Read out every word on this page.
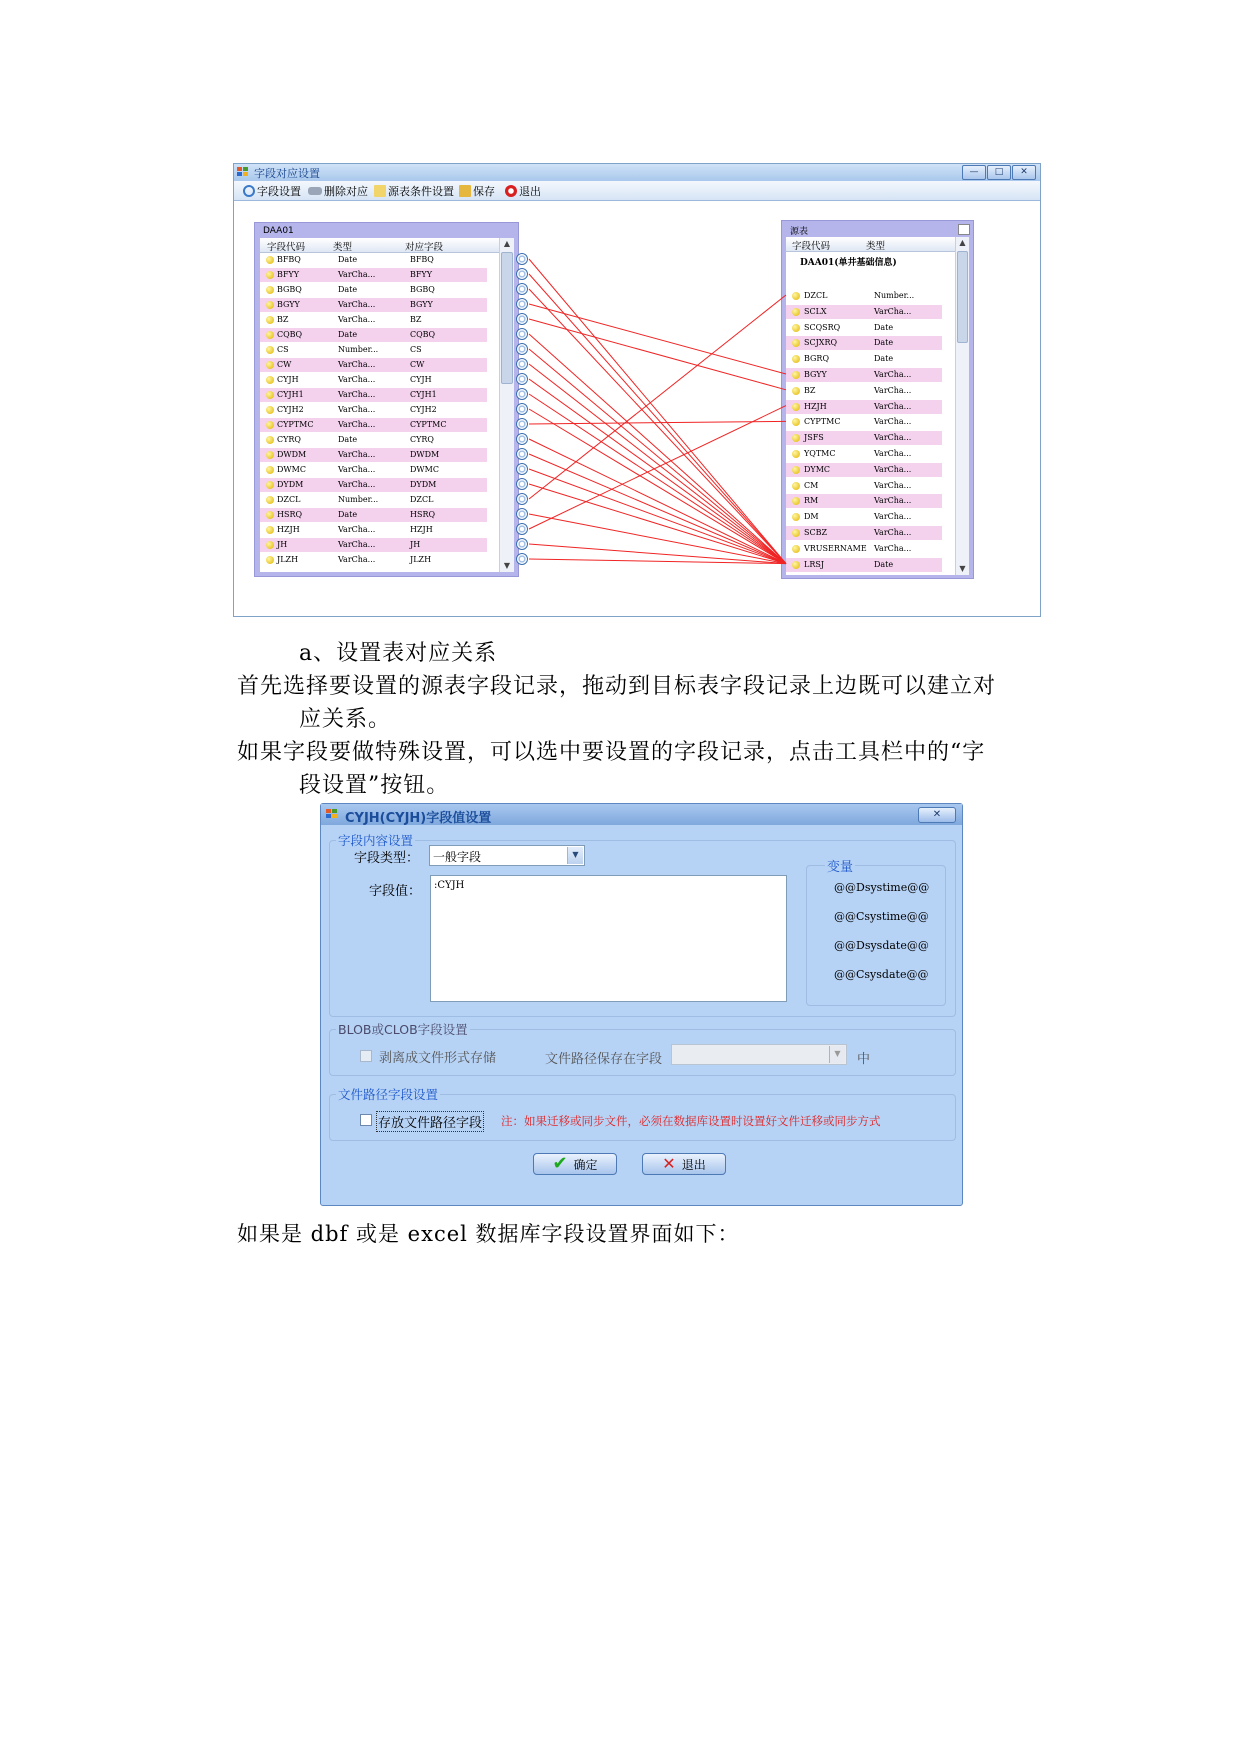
字段对应设置	—	□	✕
字段设置 删除对应 源表条件设置 保存 退出
DAA01
字段代码	类型	对应字段
BFBQ	Date	BFBQ
BFYY	VarCha...	BFYY
BGBQ	Date	BGBQ
BGYY	VarCha...	BGYY
BZ	VarCha...	BZ
CQBQ	Date	CQBQ
CS	Number...	CS
CW	VarCha...	CW
CYJH	VarCha...	CYJH
CYJH1	VarCha...	CYJH1
CYJH2	VarCha...	CYJH2
CYPTMC	VarCha...	CYPTMC
CYRQ	Date	CYRQ
DWDM	VarCha...	DWDM
DWMC	VarCha...	DWMC
DYDM	VarCha...	DYDM
DZCL	Number...	DZCL
HSRQ	Date	HSRQ
HZJH	VarCha...	HZJH
JH	VarCha...	JH
JLZH	VarCha...	JLZH
▲
▼
源表
字段代码	类型
DAA01(单井基础信息)
DZCL	Number...
SCLX	VarCha...
SCQSRQ	Date
SCJXRQ	Date
BGRQ	Date
BGYY	VarCha...
BZ	VarCha...
HZJH	VarCha...
CYPTMC	VarCha...
JSFS	VarCha...
YQTMC	VarCha...
DYMC	VarCha...
CM	VarCha...
RM	VarCha...
DM	VarCha...
SCBZ	VarCha...
VRUSERNAME VarCha...
LRSJ	Date
▲
▼
a、设置表对应关系
首先选择要设置的源表字段记录，拖动到目标表字段记录上边既可以建立对
应关系。
如果字段要做特殊设置，可以选中要设置的字段记录，点击工具栏中的“字
段设置”按钮。
CYJH(CYJH)字段值设置	✕
字段内容设置
字段类型： 一般字段	▼
字段值： :CYJH
变量
@@Dsystime@@
@@Csystime@@
@@Dsysdate@@
@@Csysdate@@
BLOB或CLOB字段设置
剥离成文件形式存储	文件路径保存在字段	▼	中
文件路径字段设置
存放文件路径字段 注：如果迁移或同步文件，必须在数据库设置时设置好文件迁移或同步方式
✔ 确定	✕ 退出
如果是 dbf 或是 excel 数据库字段设置界面如下：
